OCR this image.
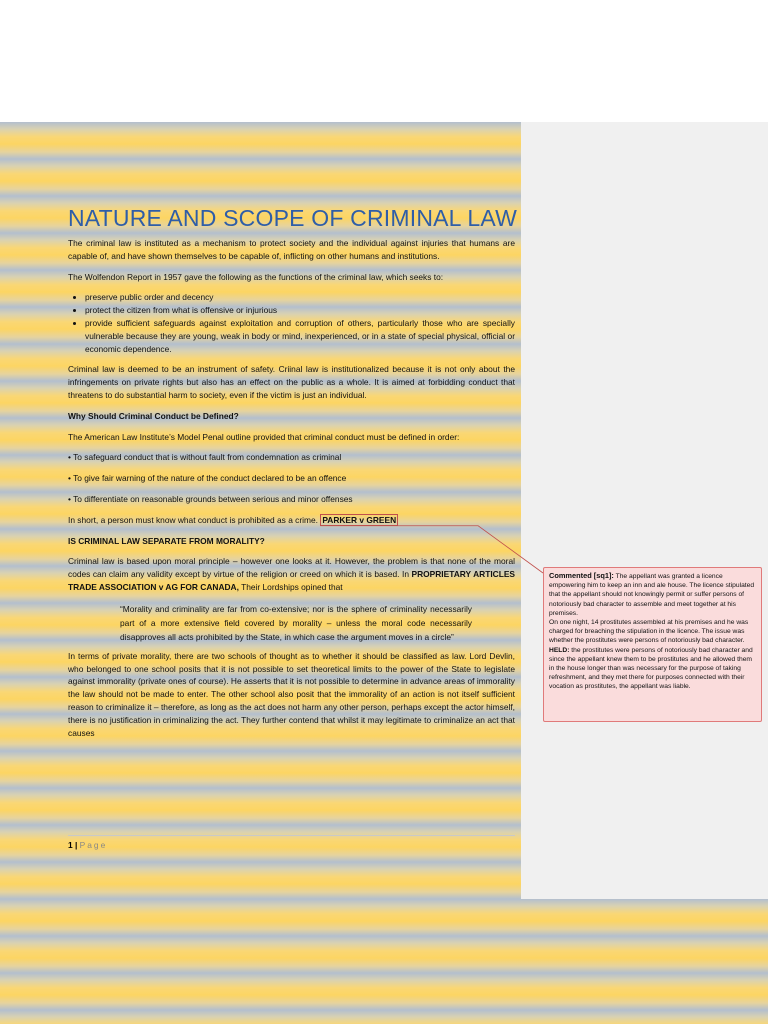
NATURE AND SCOPE OF CRIMINAL LAW

The criminal law is instituted as a mechanism to protect society and the individual against injuries that humans are capable of, and have shown themselves to be capable of, inflicting on other humans and institutions.

The Wolfendon Report in 1957 gave the following as the functions of the criminal law, which seeks to:

• preserve public order and decency
• protect the citizen from what is offensive or injurious
• provide sufficient safeguards against exploitation and corruption of others, particularly those who are specially vulnerable because they are young, weak in body or mind, inexperienced, or in a state of special physical, official or economic dependence.

Criminal law is deemed to be an instrument of safety. Criinal law is institutionalized because it is not only about the infringements on private rights but also has an effect on the public as a whole. It is aimed at forbidding conduct that threatens to do substantial harm to society, even if the victim is just an individual.

Why Should Criminal Conduct be Defined?

The American Law Institute’s Model Penal outline provided that criminal conduct must be defined in order:

• To safeguard conduct that is without fault from condemnation as criminal

• To give fair warning of the nature of the conduct declared to be an offence

• To differentiate on reasonable grounds between serious and minor offenses

In short, a person must know what conduct is prohibited as a crime. PARKER v GREEN

IS CRIMINAL LAW SEPARATE FROM MORALITY?

Criminal law is based upon moral principle – however one looks at it. However, the problem is that none of the moral codes can claim any validity except by virtue of the religion or creed on which it is based. In PROPRIETARY ARTICLES TRADE ASSOCIATION v AG FOR CANADA, Their Lordships opined that

“Morality and criminality are far from co-extensive; nor is the sphere of criminality necessarily part of a more extensive field covered by morality – unless the moral code necessarily disapproves all acts prohibited by the State, in which case the argument moves in a circle”

In terms of private morality, there are two schools of thought as to whether it should be classified as law. Lord Devlin, who belonged to one school posits that it is not possible to set theoretical limits to the power of the State to legislate against immorality (private ones of course). He asserts that it is not possible to determine in advance areas of immorality the law should not be made to enter. The other school also posit that the immorality of an action is not itself sufficient reason to criminalize it – therefore, as long as the act does not harm any other person, perhaps except the actor himself, there is no justification in criminalizing the act. They further contend that whilst it may legitimate to criminalize an act that causes

1 | Page
Commented [sq1]: The appellant was granted a licence empowering him to keep an inn and ale house. The licence stipulated that the appellant should not knowingly permit or suffer persons of notoriously bad character to assemble and meet together at his premises.
On one night, 14 prostitutes assembled at his premises and he was charged for breaching the stipulation in the licence. The issue was whether the prostitutes were persons of notoriously bad character. HELD: the prostitutes were persons of notoriously bad character and since the appellant knew them to be prostitutes and he allowed them in the house longer than was necessary for the purpose of taking refreshment, and they met there for purposes connected with their vocation as prostitutes, the appellant was liable.
